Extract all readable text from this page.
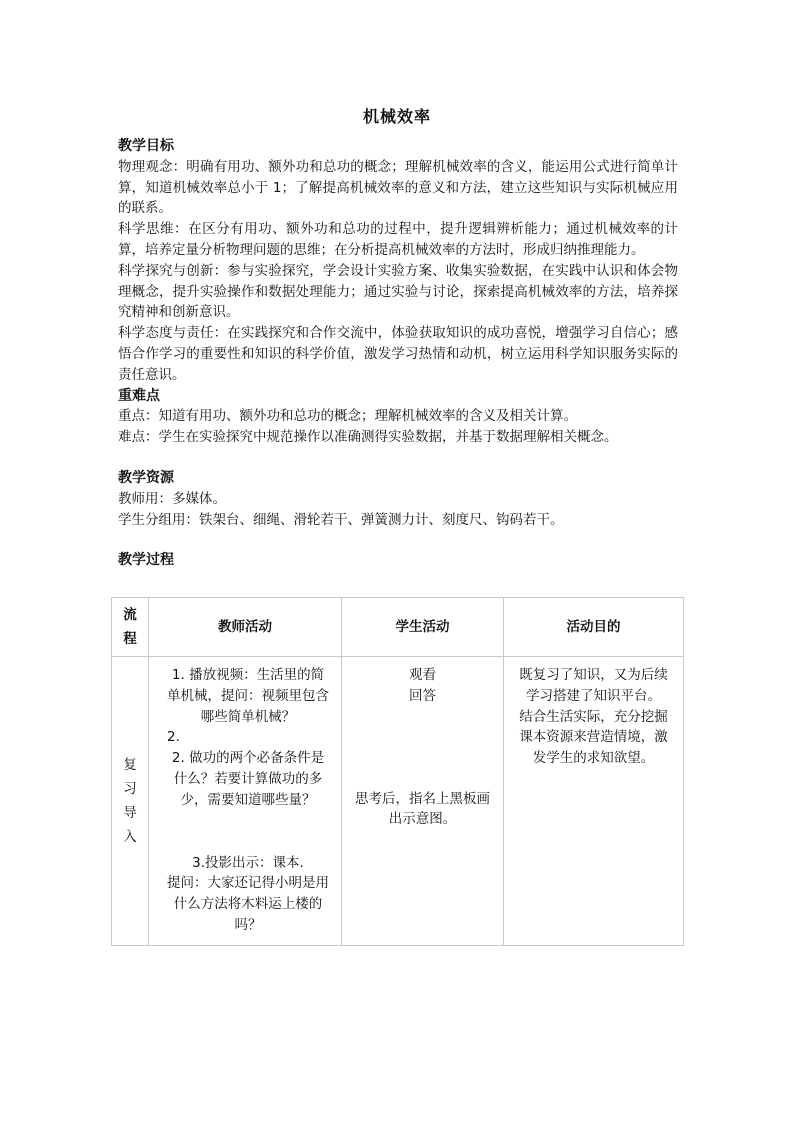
机械效率
教学目标

物理观念：明确有用功、额外功和总功的概念；理解机械效率的含义，能运用公式进行简单计算，知道机械效率总小于 1；了解提高机械效率的意义和方法，建立这些知识与实际机械应用的联系。

科学思维：在区分有用功、额外功和总功的过程中，提升逻辑辨析能力；通过机械效率的计算，培养定量分析物理问题的思维；在分析提高机械效率的方法时，形成归纳推理能力。

科学探究与创新：参与实验探究，学会设计实验方案、收集实验数据，在实践中认识和体会物理概念，提升实验操作和数据处理能力；通过实验与讨论，探索提高机械效率的方法，培养探究精神和创新意识。

科学态度与责任：在实践探究和合作交流中，体验获取知识的成功喜悦，增强学习自信心；感悟合作学习的重要性和知识的科学价值，激发学习热情和动机，树立运用科学知识服务实际的责任意识。

重难点

重点：知道有用功、额外功和总功的概念；理解机械效率的含义及相关计算。

难点：学生在实验探究中规范操作以准确测得实验数据，并基于数据理解相关概念。

教学资源

教师用：多媒体。

学生分组用：铁架台、细绳、滑轮若干、弹簧测力计、刻度尺、钩码若干。

教学过程
流程	教师活动	学生活动	活动目的
复习导入	1. 播放视频：生活里的简单机械，提问：视频里包含哪些简单机械？
2.
2. 做功的两个必备条件是什么？若要计算做功的多少，需要知道哪些量？
3.投影出示：课本.
提问：大家还记得小明是用什么方法将木料运上楼的吗？	观看
回答
思考后，指名上黑板画出示意图。	既复习了知识，又为后续学习搭建了知识平台。
结合生活实际，充分挖掘课本资源来营造情境，激发学生的求知欲望。
